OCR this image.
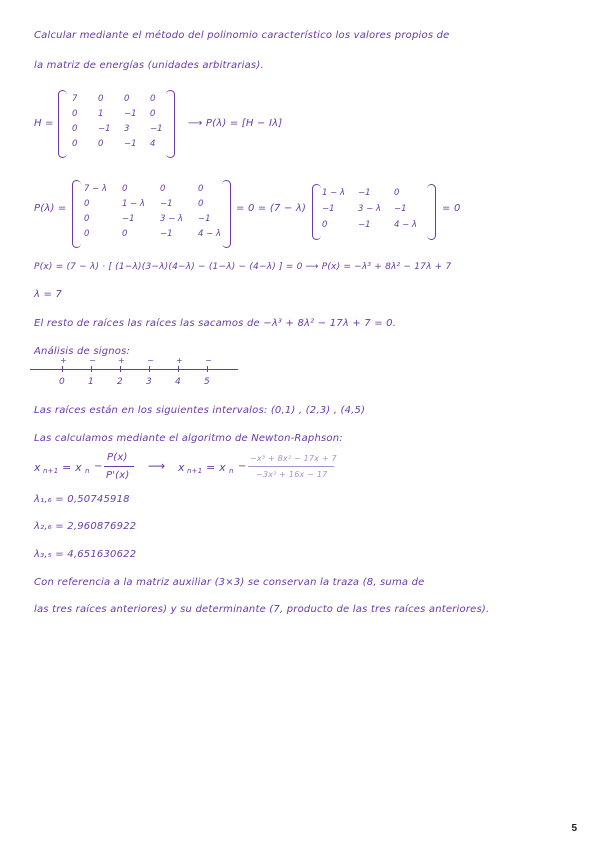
Calcular mediante el método del polinomio característico los valores propios de
la matriz de energías (unidades arbitrarias).
H =
7 0 0 0
0 1 −1 0
0 −1 3 −1
0 0 −1 4
⟶ P(λ) = [H − Iλ]
P(λ) =
7 − λ 0	0	0
0	1 − λ −1	0
0	−1	3 − λ −1
0	0	−1	4 − λ
= 0 = (7 − λ)
1 − λ −1	0
−1	3 − λ −1
0	−1	4 − λ
= 0
P(x) = (7 − λ) · [ (1−λ)(3−λ)(4−λ) − (1−λ) − (4−λ) ] = 0 ⟶ P(x) = −λ³ + 8λ² − 17λ + 7
λ = 7
El resto de raíces las raíces las sacamos de −λ³ + 8λ² − 17λ + 7 = 0.
Análisis de signos:
0
+
1
−
2
+
3
−
4
+
5
−
Las raíces están en los siguientes intervalos: (0,1) , (2,3) , (4,5)
Las calculamos mediante el algoritmo de Newton-Raphson:
x n+1 = x n −
P(x)
P'(x)
⟶ x n+1 = x n −
−x³ + 8x² − 17x + 7
−3x² + 16x − 17
λ₁,₆ = 0,50745918
λ₂,₆ = 2,960876922
λ₃,₅ = 4,651630622
Con referencia a la matriz auxiliar (3×3) se conservan la traza (8, suma de
las tres raíces anteriores) y su determinante (7, producto de las tres raíces anteriores).
5
